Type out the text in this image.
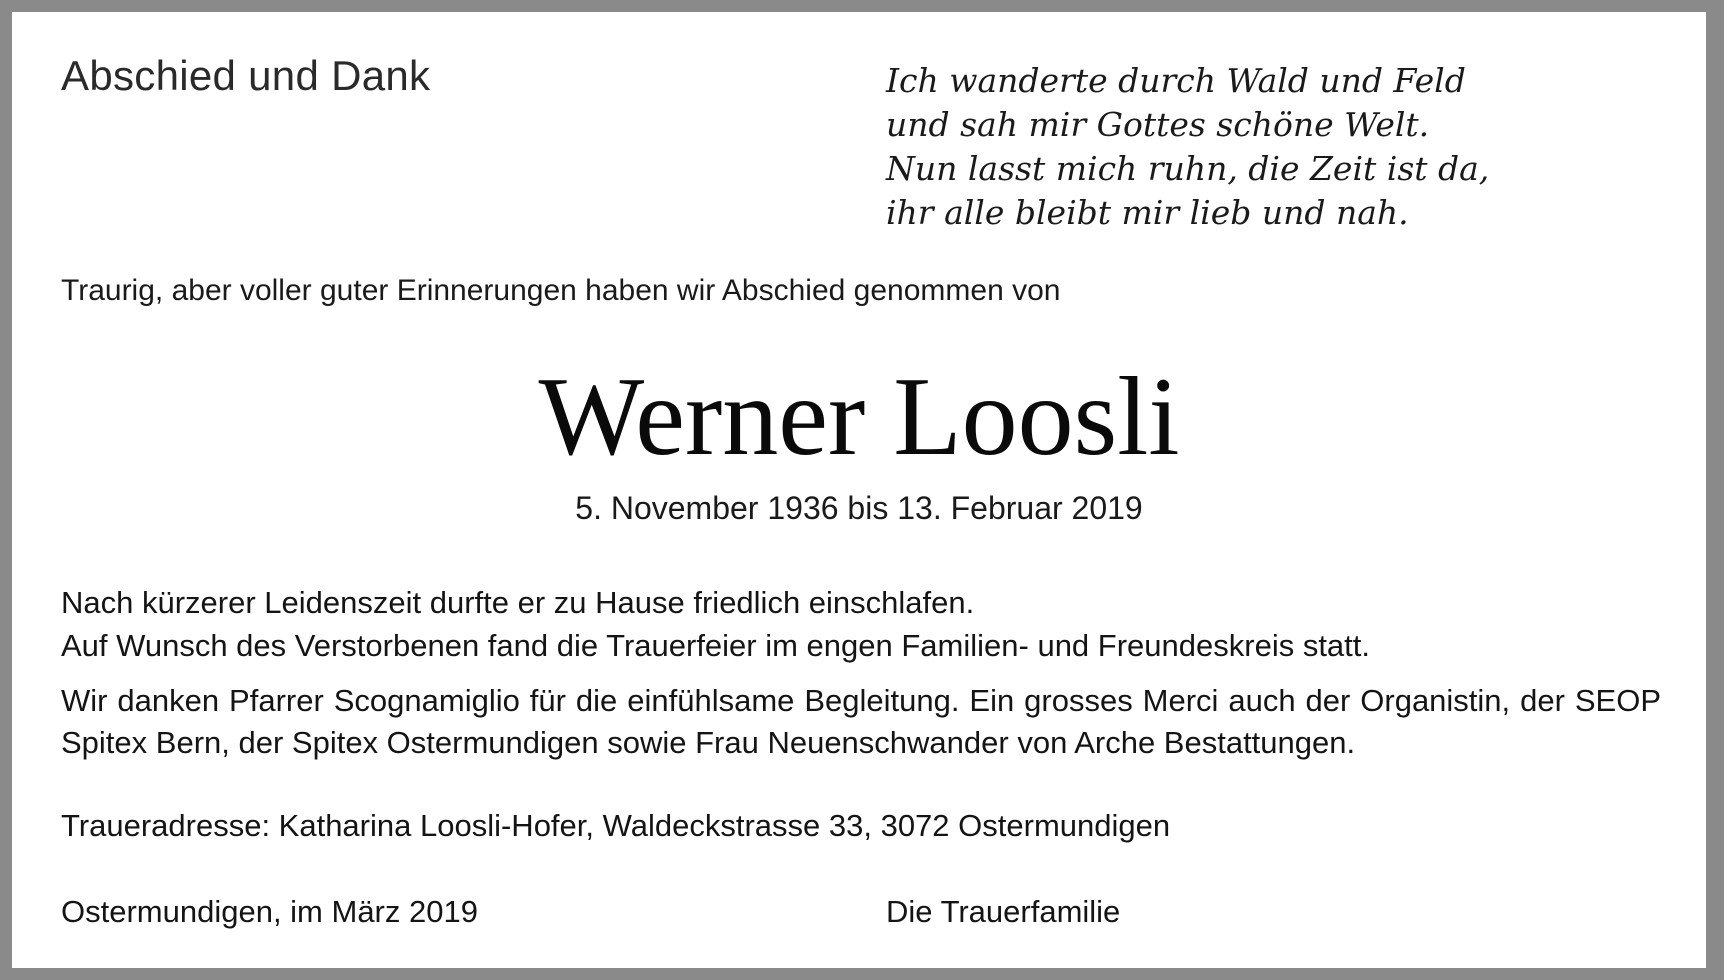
Abschied und Dank	Ich wanderte durch Wald und Feld
und sah mir Gottes schöne Welt.
Nun lasst mich ruhn, die Zeit ist da,
ihr alle bleibt mir lieb und nah.

Traurig, aber voller guter Erinnerungen haben wir Abschied genommen von

Werner Loosli

5. November 1936 bis 13. Februar 2019

Nach kürzerer Leidenszeit durfte er zu Hause friedlich einschlafen.

Auf Wunsch des Verstorbenen fand die Trauerfeier im engen Familien- und Freundeskreis statt.

Wir danken Pfarrer Scognamiglio für die einfühlsame Begleitung. Ein grosses Merci auch der Organistin, der SEOP Spitex Bern, der Spitex Ostermundigen sowie Frau Neuenschwander von Arche Bestattungen.

Traueradresse: Katharina Loosli-Hofer, Waldeckstrasse 33, 3072 Ostermundigen

Ostermundigen, im März 2019	Die Trauerfamilie
